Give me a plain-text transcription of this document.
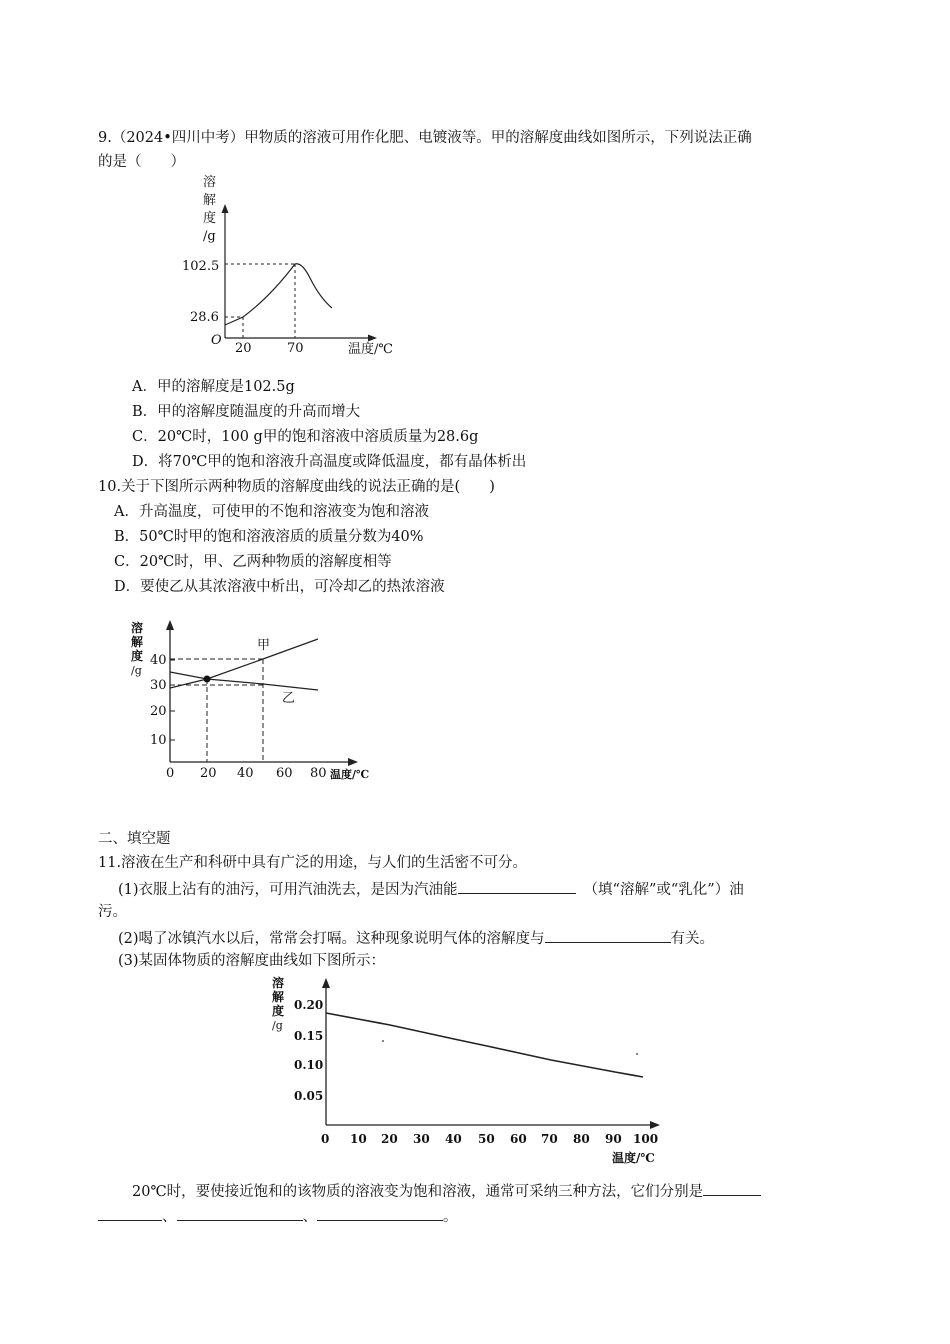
9.（2024•四川中考）甲物质的溶液可用作化肥、电镀液等。甲的溶解度曲线如图所示，下列说法正确
的是（　　）
溶
解
度
/g
102.5
28.6
O
20	70	温度/℃
A．甲的溶解度是102.5g
B．甲的溶解度随温度的升高而增大
C．20℃时，100 g甲的饱和溶液中溶质质量为28.6g
D．将70℃甲的饱和溶液升高温度或降低温度，都有晶体析出
10.关于下图所示两种物质的溶解度曲线的说法正确的是(　　)
A．升高温度，可使甲的不饱和溶液变为饱和溶液
B．50℃时甲的饱和溶液溶质的质量分数为40%
C．20℃时，甲、乙两种物质的溶解度相等
D．要使乙从其浓溶液中析出，可冷却乙的热浓溶液
溶
解
度
/g
甲
乙
10
20
30
40
0 20 40 60 80 温度/℃
二、填空题
11.溶液在生产和科研中具有广泛的用途，与人们的生活密不可分。
(1)衣服上沾有的油污，可用汽油洗去，是因为汽油能	（填“溶解”或“乳化”）油
污。
(2)喝了冰镇汽水以后，常常会打嗝。这种现象说明气体的溶解度与	有关。
(3)某固体物质的溶解度曲线如下图所示：
溶
解
度
/g
0.20
0.15
0.10
0.05
0 10 20 30 40 50 60 70 80 90 100
温度/℃
20℃时，要使接近饱和的该物质的溶液变为饱和溶液，通常可采纳三种方法，它们分别是
、	、	。
